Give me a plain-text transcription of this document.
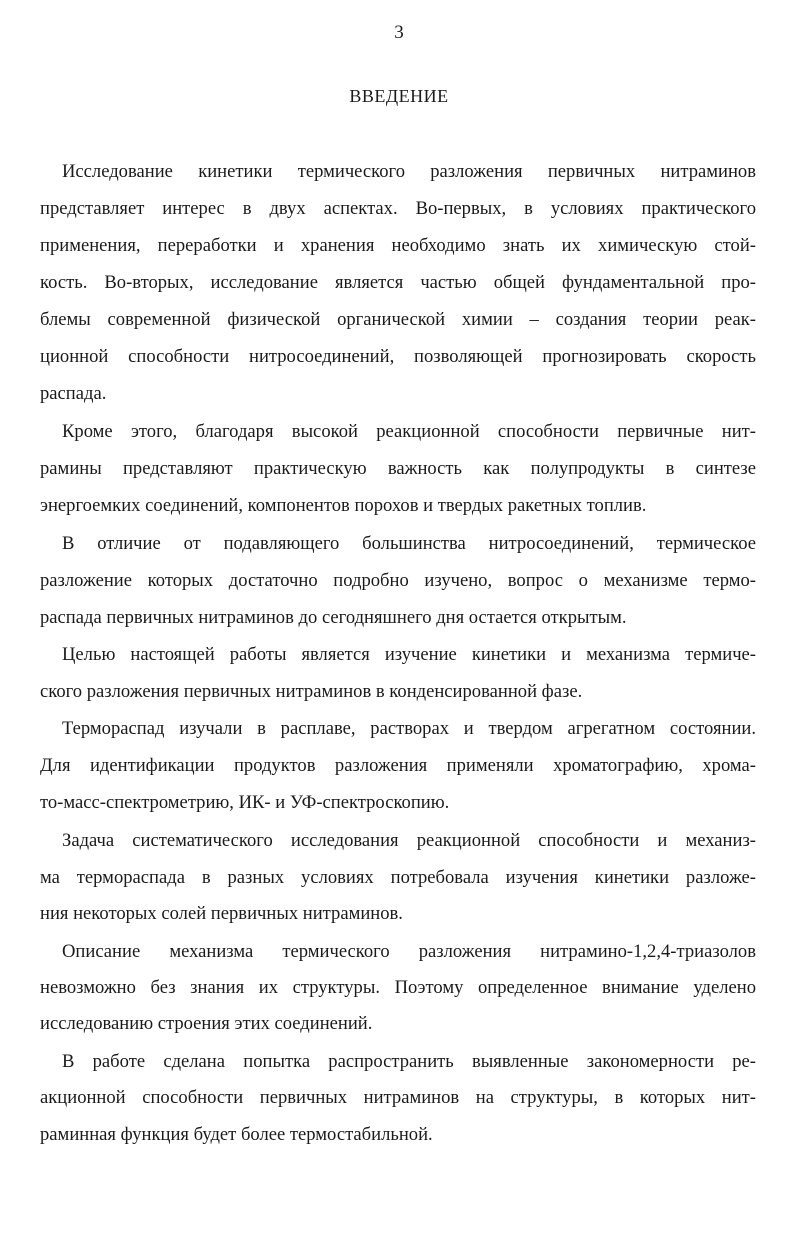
3
ВВЕДЕНИЕ
Исследование кинетики термического разложения первичных нитраминов
представляет интерес в двух аспектах. Во-первых, в условиях практического
применения, переработки и хранения необходимо знать их химическую стой-
кость. Во-вторых, исследование является частью общей фундаментальной про-
блемы современной физической органической химии – создания теории реак-
ционной способности нитросоединений, позволяющей прогнозировать скорость
распада.
Кроме этого, благодаря высокой реакционной способности первичные нит-
рамины представляют практическую важность как полупродукты в синтезе
энергоемких соединений, компонентов порохов и твердых ракетных топлив.
В отличие от подавляющего большинства нитросоединений, термическое
разложение которых достаточно подробно изучено, вопрос о механизме термо-
распада первичных нитраминов до сегодняшнего дня остается открытым.
Целью настоящей работы является изучение кинетики и механизма термиче-
ского разложения первичных нитраминов в конденсированной фазе.
Терморaспад изучали в расплаве, растворах и твердом агрегатном состоянии.
Для идентификации продуктов разложения применяли хроматографию, хрома-
то-масс-спектрометрию, ИК- и УФ-спектроскопию.
Задача систематического исследования реакционной способности и механиз-
ма терморaспада в разных условиях потребовала изучения кинетики разложе-
ния некоторых солей первичных нитраминов.
Описание механизма термического разложения нитрамино-1,2,4-триазолов
невозможно без знания их структуры. Поэтому определенное внимание уделено
исследованию строения этих соединений.
В работе сделана попытка распространить выявленные закономерности ре-
акционной способности первичных нитраминов на структуры, в которых нит-
раминная функция будет более термостабильной.
